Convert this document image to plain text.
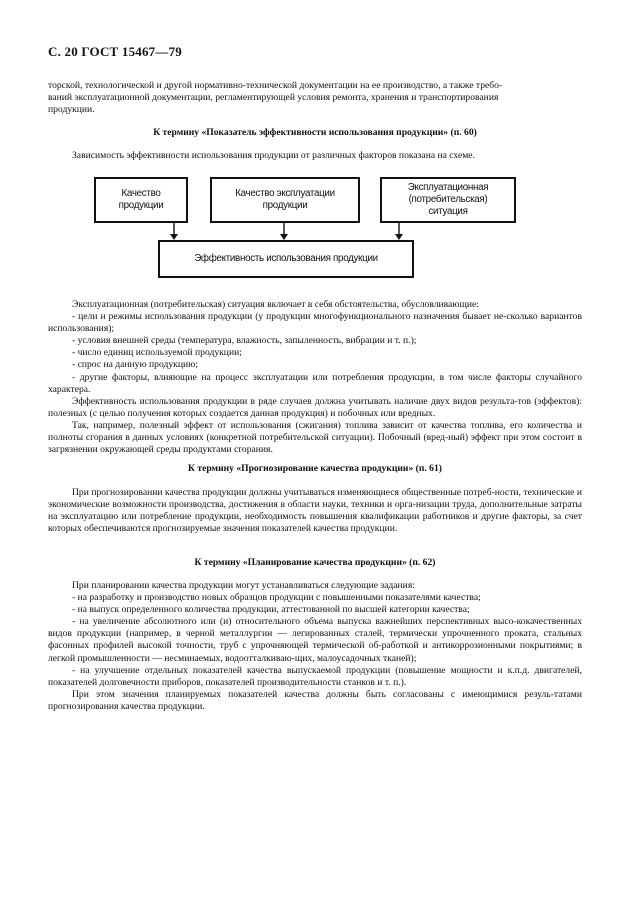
С. 20 ГОСТ 15467—79
торской, технологической и другой нормативно-технической документации на ее производство, а также требо-
ваний эксплуатационной документации, регламентирующей условия ремонта, хранения и транспортирования
продукции.
К термину «Показатель эффективности использования продукции» (п. 60)

Зависимость эффективности использования продукции от различных факторов показана на схеме.

Качество
продукции
Качество эксплуатации
продукции
Эксплуатационная
(потребительская)
ситуация
Эффективность использования продукции

Эксплуатационная (потребительская) ситуация включает в себя обстоятельства, обусловливающие:

- цели и режимы использования продукции (у продукции многофункционального назначения бывает не-сколько вариантов использования);

- условия внешней среды (температура, влажность, запыленность, вибрации и т. п.);

- число единиц используемой продукции;

- спрос на данную продукцию;

- другие факторы, влияющие на процесс эксплуатации или потребления продукции, в том числе факторы случайного характера.

Эффективность использования продукции в ряде случаев должна учитывать наличие двух видов результа-тов (эффектов): полезных (с целью получения которых создается данная продукция) и побочных или вредных.

Так, например, полезный эффект от использования (сжигания) топлива зависит от качества топлива, его количества и полноты сгорания в данных условиях (конкретной потребительской ситуации). Побочный (вред-ный) эффект при этом состоит в загрязнении окружающей среды продуктами сгорания.

К термину «Прогнозирование качества продукции» (п. 61)

При прогнозировании качества продукции должны учитываться изменяющиеся общественные потреб-ности, технические и экономические возможности производства, достижения в области науки, техники и орга-низации труда, дополнительные затраты на эксплуатацию или потребление продукции, необходимость повышения квалификации работников и другие факторы, за счет которых обеспечиваются прогнозируемые значения показателей качества продукции.

К термину «Планирование качества продукции» (п. 62)

При планировании качества продукции могут устанавливаться следующие задания:

- на разработку и производство новых образцов продукции с повышенными показателями качества;

- на выпуск определенного количества продукции, аттестованной по высшей категории качества;

- на увеличение абсолютного или (и) относительного объема выпуска важнейших перспективных высо-кокачественных видов продукции (например, в черной металлургии — легированных сталей, термически упрочненного проката, стальных фасонных профилей высокой точности, труб с упрочняющей термической об-работкой и антикоррозионными покрытиями; в легкой промышленности — несминаемых, водоотталкиваю-щих, малоусадочных тканей);

- на улучшение отдельных показателей качества выпускаемой продукции (повышение мощности и к.п.д. двигателей, показателей долговечности приборов, показателей производительности станков и т. п.).

При этом значения планируемых показателей качества должны быть согласованы с имеющимися резуль-татами прогнозирования качества продукции.
